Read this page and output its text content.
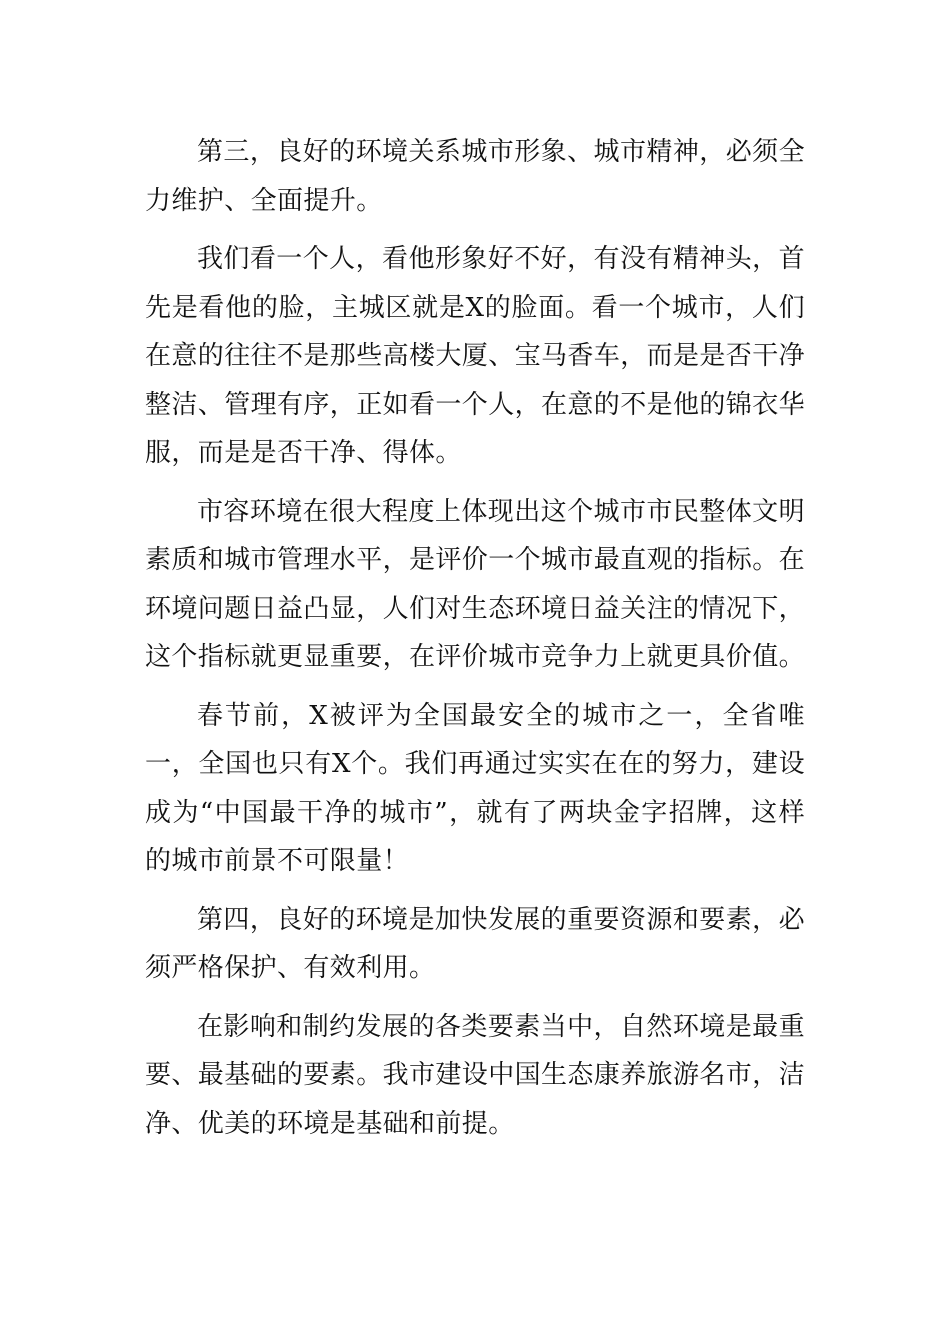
第三，良好的环境关系城市形象、城市精神，必须全力维护、全面提升。

我们看一个人，看他形象好不好，有没有精神头，首先是看他的脸，主城区就是X的脸面。看一个城市，人们在意的往往不是那些高楼大厦、宝马香车，而是是否干净整洁、管理有序，正如看一个人，在意的不是他的锦衣华服，而是是否干净、得体。

市容环境在很大程度上体现出这个城市市民整体文明素质和城市管理水平，是评价一个城市最直观的指标。在环境问题日益凸显，人们对生态环境日益关注的情况下，这个指标就更显重要，在评价城市竞争力上就更具价值。

春节前，X被评为全国最安全的城市之一，全省唯一，全国也只有X个。我们再通过实实在在的努力，建设成为“中国最干净的城市”，就有了两块金字招牌，这样的城市前景不可限量！

第四，良好的环境是加快发展的重要资源和要素，必须严格保护、有效利用。

在影响和制约发展的各类要素当中，自然环境是最重要、最基础的要素。我市建设中国生态康养旅游名市，洁净、优美的环境是基础和前提。
